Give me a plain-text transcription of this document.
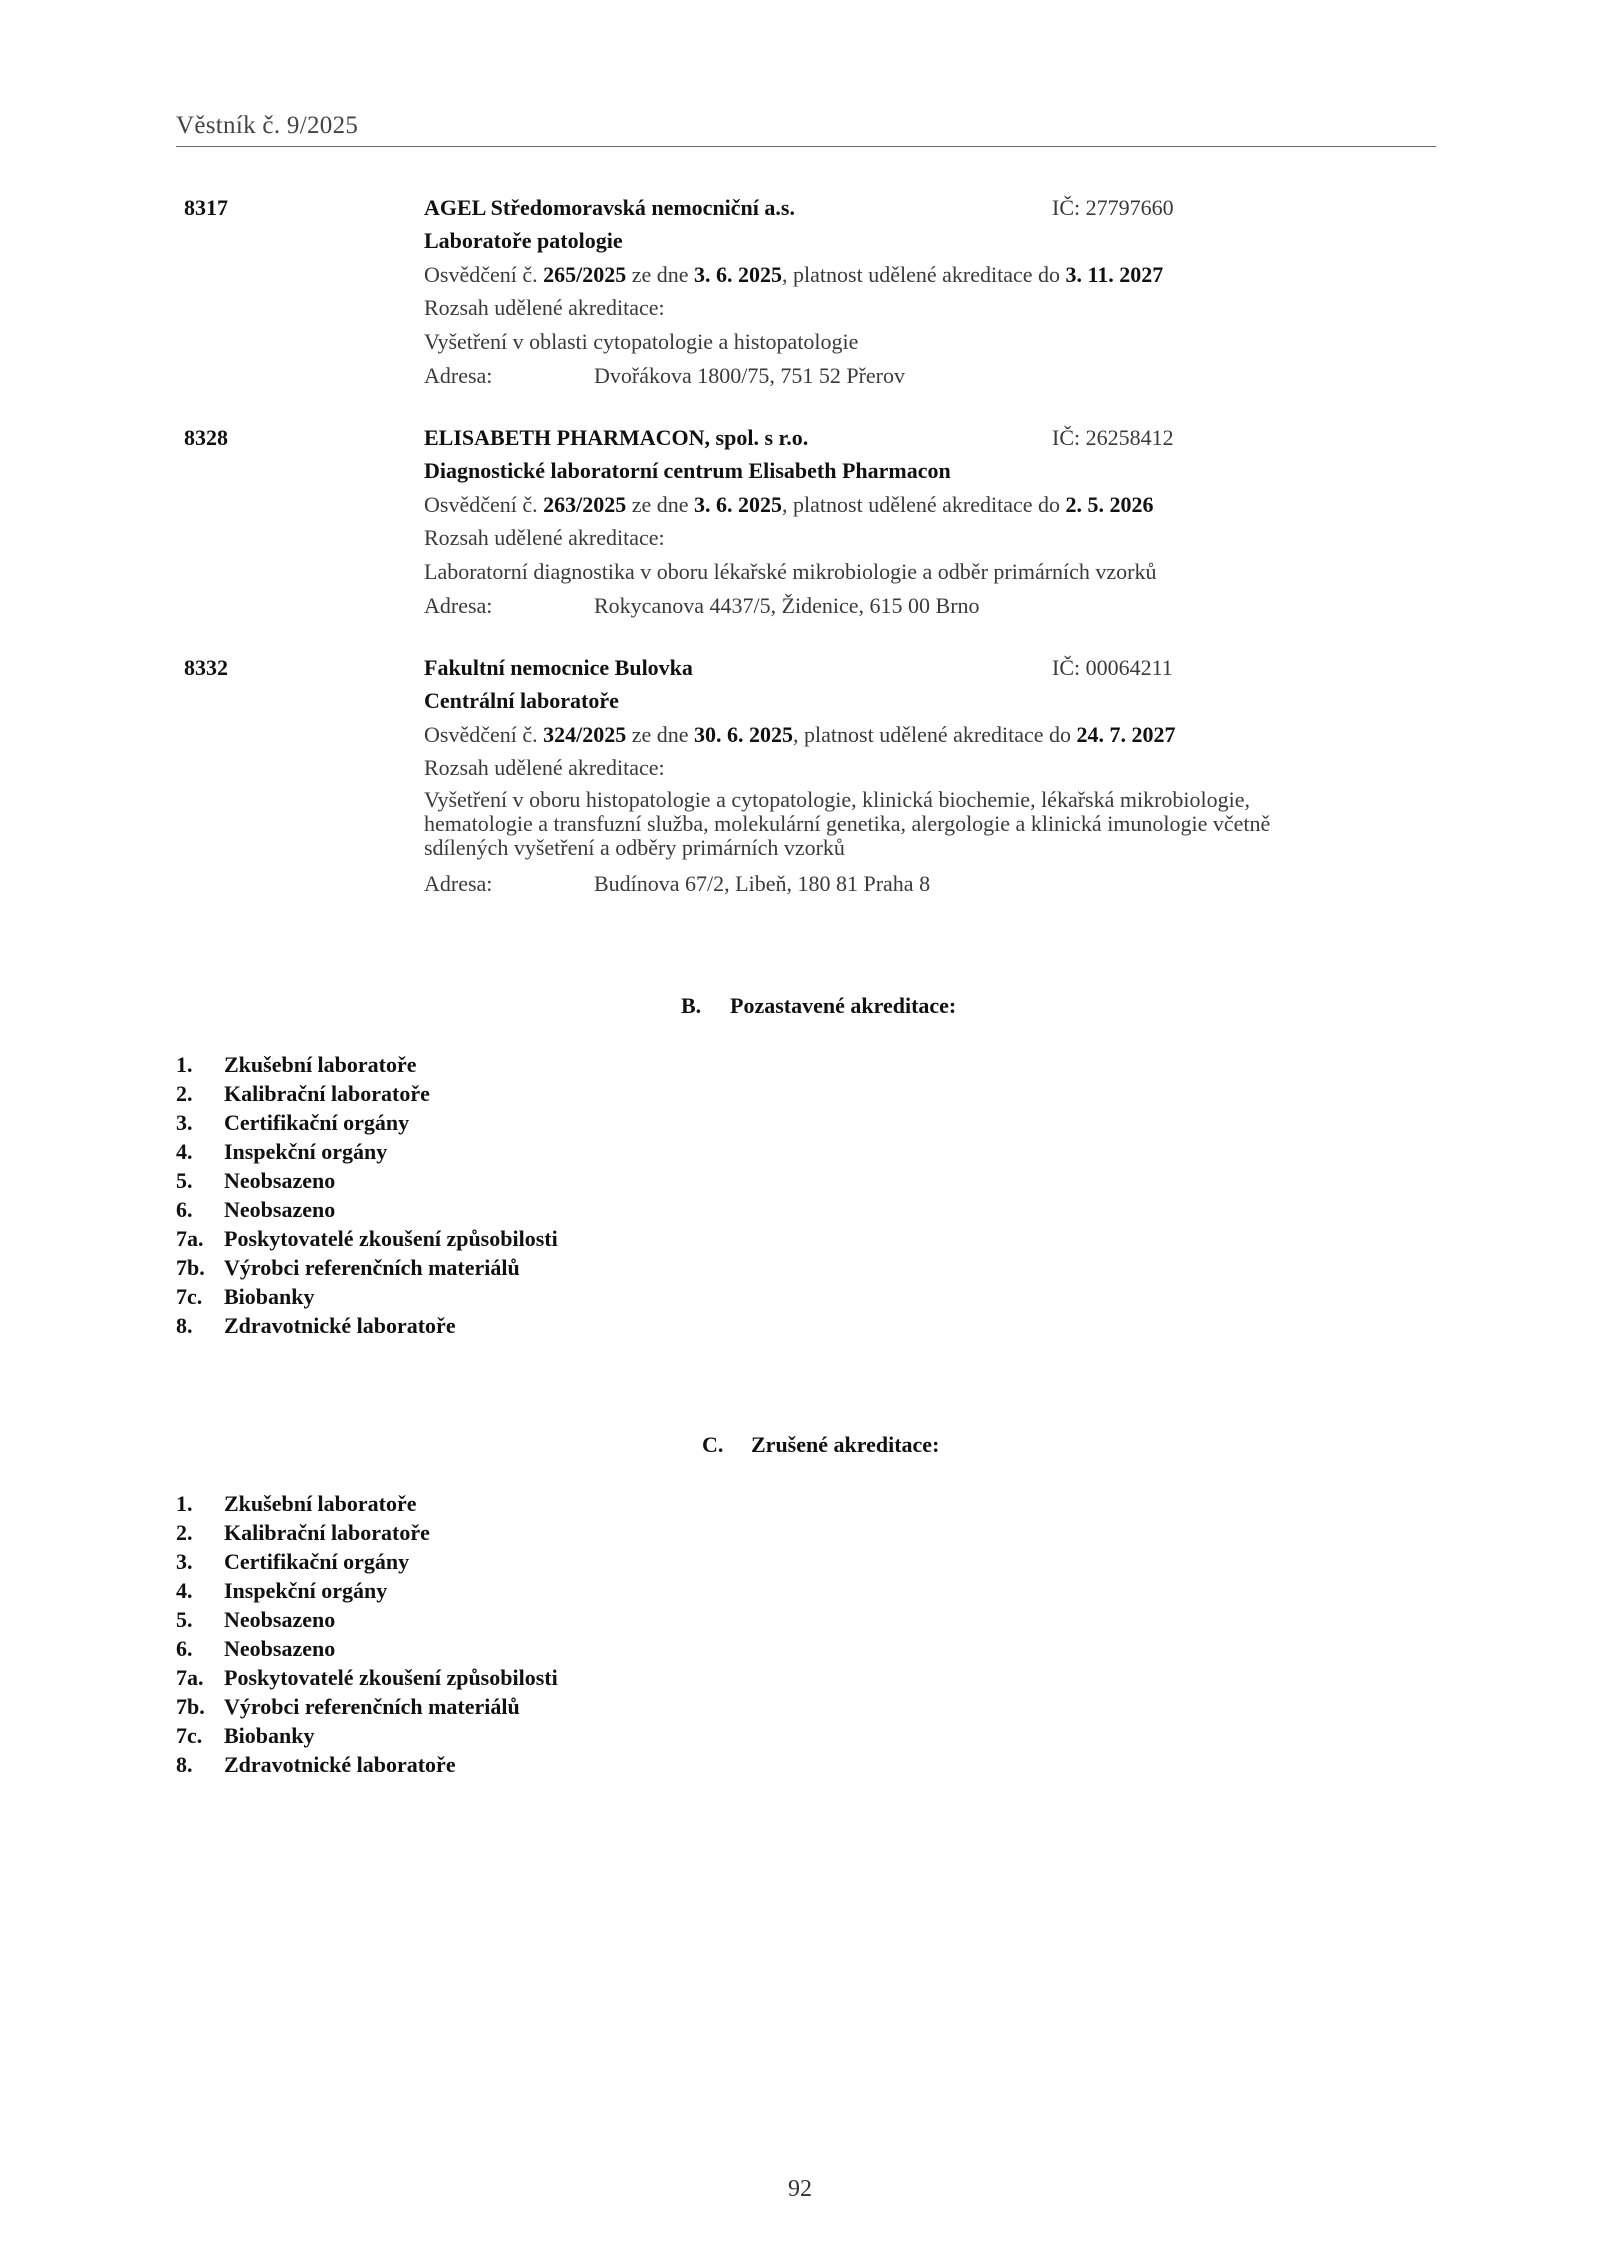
Věstník č. 9/2025
8317	AGEL Středomoravská nemocniční a.s.	IČ: 27797660
Laboratoře patologie
Osvědčení č. 265/2025 ze dne 3. 6. 2025, platnost udělené akreditace do 3. 11. 2027
Rozsah udělené akreditace:
Vyšetření v oblasti cytopatologie a histopatologie
Adresa:	Dvořákova 1800/75, 751 52 Přerov
8328	ELISABETH PHARMACON, spol. s r.o.	IČ: 26258412
Diagnostické laboratorní centrum Elisabeth Pharmacon
Osvědčení č. 263/2025 ze dne 3. 6. 2025, platnost udělené akreditace do 2. 5. 2026
Rozsah udělené akreditace:
Laboratorní diagnostika v oboru lékařské mikrobiologie a odběr primárních vzorků
Adresa:	Rokycanova 4437/5, Židenice, 615 00 Brno
8332	Fakultní nemocnice Bulovka	IČ: 00064211
Centrální laboratoře
Osvědčení č. 324/2025 ze dne 30. 6. 2025, platnost udělené akreditace do 24. 7. 2027
Rozsah udělené akreditace:
Vyšetření v oboru histopatologie a cytopatologie, klinická biochemie, lékařská mikrobiologie,
hematologie a transfuzní služba, molekulární genetika, alergologie a klinická imunologie včetně
sdílených vyšetření a odběry primárních vzorků
Adresa:	Budínova 67/2, Libeň, 180 81 Praha 8
B. Pozastavené akreditace:
1. Zkušební laboratoře
2. Kalibrační laboratoře
3. Certifikační orgány
4. Inspekční orgány
5. Neobsazeno
6. Neobsazeno
7a. Poskytovatelé zkoušení způsobilosti
7b. Výrobci referenčních materiálů
7c. Biobanky
8. Zdravotnické laboratoře
C. Zrušené akreditace:
1. Zkušební laboratoře
2. Kalibrační laboratoře
3. Certifikační orgány
4. Inspekční orgány
5. Neobsazeno
6. Neobsazeno
7a. Poskytovatelé zkoušení způsobilosti
7b. Výrobci referenčních materiálů
7c. Biobanky
8. Zdravotnické laboratoře
92
